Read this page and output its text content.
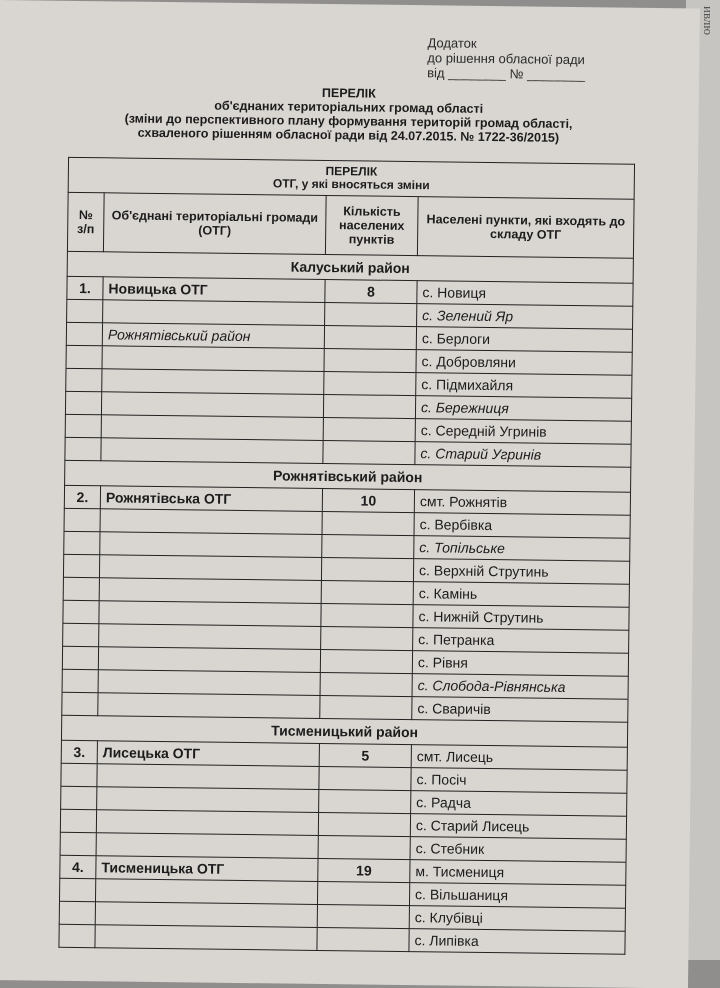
ивлю
Додаток
до рішення обласної ради
від ________ № ________
ПЕРЕЛІК
об'єднаних територіальних громад області
(зміни до перспективного плану формування територій громад області,
схваленого рішенням обласної ради від 24.07.2015. № 1722-36/2015)
ПЕРЕЛІК
ОТГ, у які вносяться зміни			

№ з/п	Об'єднані територіальні громади (ОТГ)	Кількість населених пунктів	Населені пункти, які входять до складу ОТГ
Калуський район			
1.	Новицька ОТГ	8	с. Новиця
			с. Зелений Яр
	Рожнятівський район		с. Берлоги
			с. Добровляни
			с. Підмихайля
			с. Бережниця
			с. Середній Угринів
			с. Старий Угринів
Рожнятівський район			
2.	Рожнятівська ОТГ	10	смт. Рожнятів
			с. Вербівка
			с. Топільське
			с. Верхній Струтинь
			с. Камінь
			с. Нижній Струтинь
			с. Петранка
			с. Рівня
			с. Слобода-Рівнянська
			с. Сваричів
Тисменицький район			
3.	Лисецька ОТГ	5	смт. Лисець
			с. Посіч
			с. Радча
			с. Старий Лисець
			с. Стебник
4.	Тисменицька ОТГ	19	м. Тисмениця
			с. Вільшаниця
			с. Клубівці
			с. Липівка
